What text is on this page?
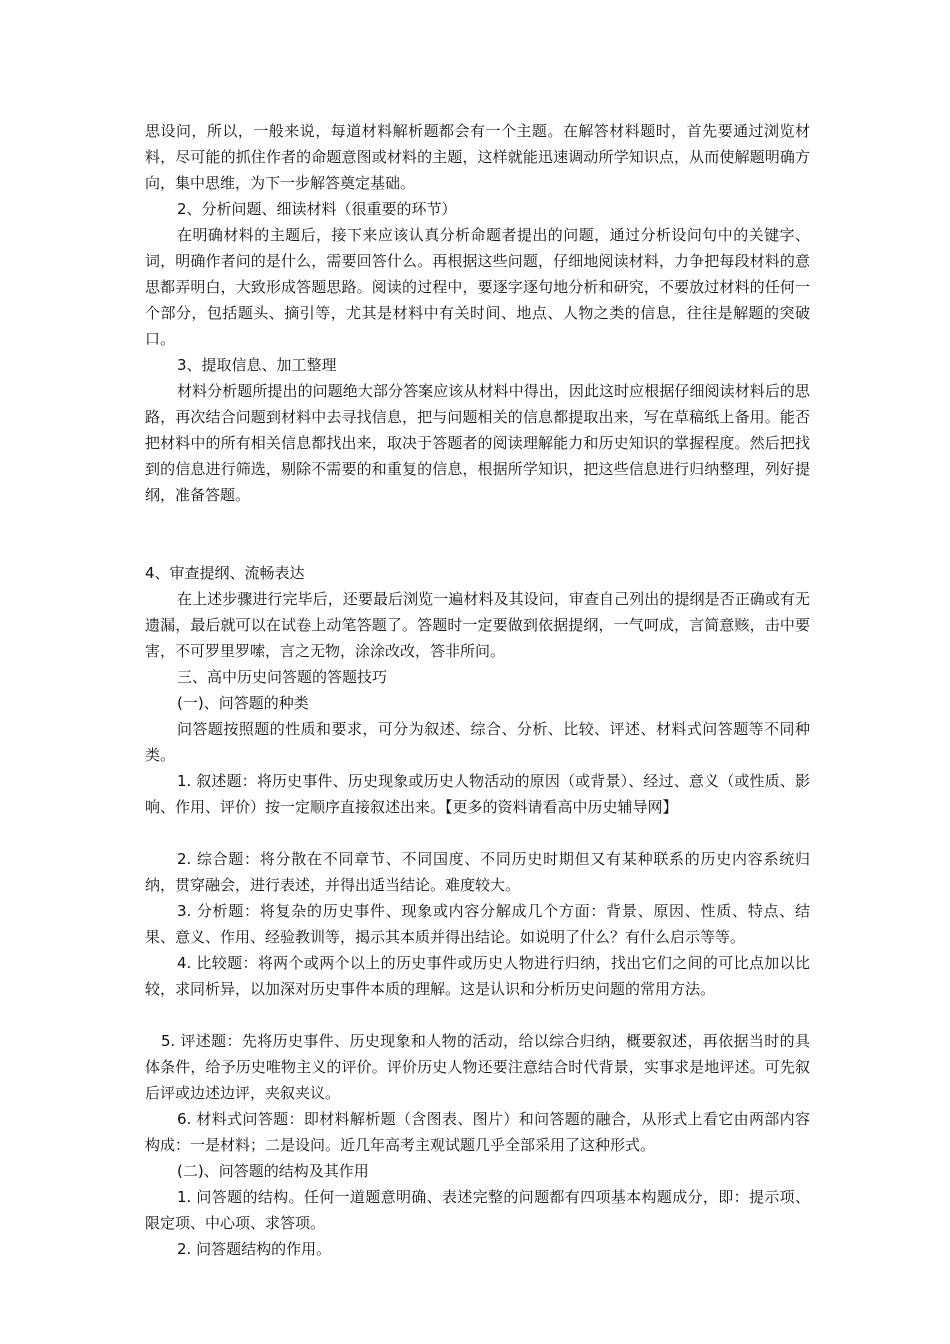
思设问，所以，一般来说，每道材料解析题都会有一个主题。在解答材料题时，首先要通过浏览材料，尽可能的抓住作者的命题意图或材料的主题，这样就能迅速调动所学知识点，从而使解题明确方向，集中思维，为下一步解答奠定基础。

2、分析问题、细读材料（很重要的环节）

在明确材料的主题后，接下来应该认真分析命题者提出的问题，通过分析设问句中的关键字、词，明确作者问的是什么，需要回答什么。再根据这些问题，仔细地阅读材料，力争把每段材料的意思都弄明白，大致形成答题思路。阅读的过程中，要逐字逐句地分析和研究，不要放过材料的任何一个部分，包括题头、摘引等，尤其是材料中有关时间、地点、人物之类的信息，往往是解题的突破口。

3、提取信息、加工整理

材料分析题所提出的问题绝大部分答案应该从材料中得出，因此这时应根据仔细阅读材料后的思路，再次结合问题到材料中去寻找信息，把与问题相关的信息都提取出来，写在草稿纸上备用。能否把材料中的所有相关信息都找出来，取决于答题者的阅读理解能力和历史知识的掌握程度。然后把找到的信息进行筛选，剔除不需要的和重复的信息，根据所学知识，把这些信息进行归纳整理，列好提纲，准备答题。

4、审查提纲、流畅表达

在上述步骤进行完毕后，还要最后浏览一遍材料及其设问，审查自己列出的提纲是否正确或有无遗漏，最后就可以在试卷上动笔答题了。答题时一定要做到依据提纲，一气呵成，言简意赅，击中要害，不可罗里罗嗦，言之无物，涂涂改改，答非所问。

三、高中历史问答题的答题技巧

(一)、问答题的种类

问答题按照题的性质和要求，可分为叙述、综合、分析、比较、评述、材料式问答题等不同种类。

1. 叙述题：将历史事件、历史现象或历史人物活动的原因（或背景）、经过、意义（或性质、影响、作用、评价）按一定顺序直接叙述出来。【更多的资料请看高中历史辅导网】

2. 综合题：将分散在不同章节、不同国度、不同历史时期但又有某种联系的历史内容系统归纳，贯穿融会，进行表述，并得出适当结论。难度较大。

3. 分析题：将复杂的历史事件、现象或内容分解成几个方面：背景、原因、性质、特点、结果、意义、作用、经验教训等，揭示其本质并得出结论。如说明了什么？有什么启示等等。

4. 比较题：将两个或两个以上的历史事件或历史人物进行归纳，找出它们之间的可比点加以比较，求同析异，以加深对历史事件本质的理解。这是认识和分析历史问题的常用方法。

5. 评述题：先将历史事件、历史现象和人物的活动，给以综合归纳，概要叙述，再依据当时的具体条件，给予历史唯物主义的评价。评价历史人物还要注意结合时代背景，实事求是地评述。可先叙后评或边述边评，夹叙夹议。

6. 材料式问答题：即材料解析题（含图表、图片）和问答题的融合，从形式上看它由两部内容构成：一是材料；二是设问。近几年高考主观试题几乎全部采用了这种形式。

(二)、问答题的结构及其作用

1. 问答题的结构。任何一道题意明确、表述完整的问题都有四项基本构题成分，即：提示项、限定项、中心项、求答项。

2. 问答题结构的作用。
